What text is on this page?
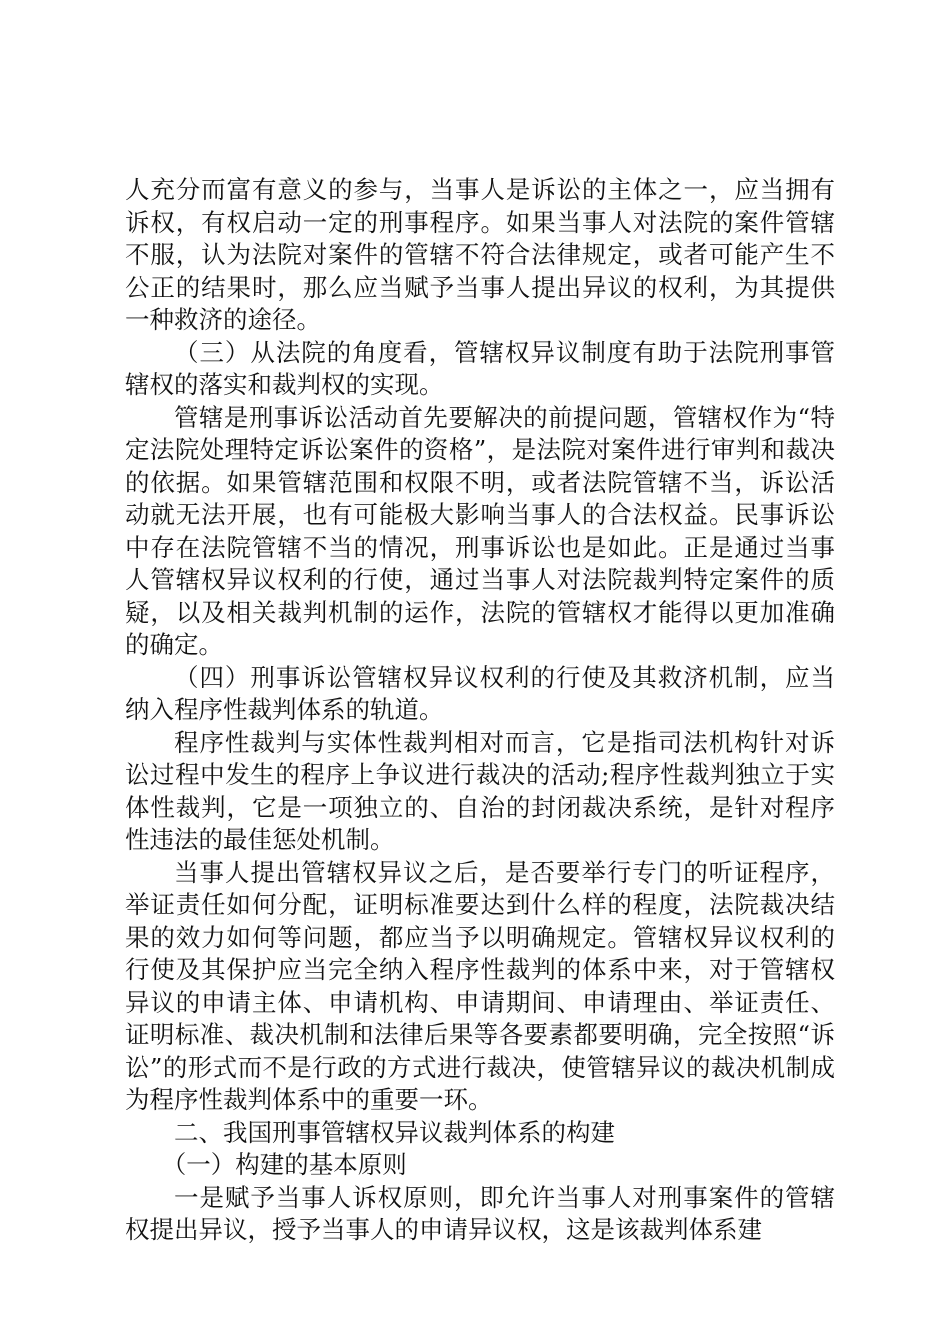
人充分而富有意义的参与，当事人是诉讼的主体之一，应当拥有诉权，有权启动一定的刑事程序。如果当事人对法院的案件管辖不服，认为法院对案件的管辖不符合法律规定，或者可能产生不公正的结果时，那么应当赋予当事人提出异议的权利，为其提供一种救济的途径。

（三）从法院的角度看，管辖权异议制度有助于法院刑事管辖权的落实和裁判权的实现。

管辖是刑事诉讼活动首先要解决的前提问题，管辖权作为“特定法院处理特定诉讼案件的资格”，是法院对案件进行审判和裁决的依据。如果管辖范围和权限不明，或者法院管辖不当，诉讼活动就无法开展，也有可能极大影响当事人的合法权益。民事诉讼中存在法院管辖不当的情况，刑事诉讼也是如此。正是通过当事人管辖权异议权利的行使，通过当事人对法院裁判特定案件的质疑，以及相关裁判机制的运作，法院的管辖权才能得以更加准确的确定。

（四）刑事诉讼管辖权异议权利的行使及其救济机制，应当纳入程序性裁判体系的轨道。

程序性裁判与实体性裁判相对而言，它是指司法机构针对诉讼过程中发生的程序上争议进行裁决的活动;程序性裁判独立于实体性裁判，它是一项独立的、自治的封闭裁决系统，是针对程序性违法的最佳惩处机制。

当事人提出管辖权异议之后，是否要举行专门的听证程序，举证责任如何分配，证明标准要达到什么样的程度，法院裁决结果的效力如何等问题，都应当予以明确规定。管辖权异议权利的行使及其保护应当完全纳入程序性裁判的体系中来，对于管辖权异议的申请主体、申请机构、申请期间、申请理由、举证责任、证明标准、裁决机制和法律后果等各要素都要明确，完全按照“诉讼”的形式而不是行政的方式进行裁决，使管辖异议的裁决机制成为程序性裁判体系中的重要一环。

二、我国刑事管辖权异议裁判体系的构建

（一）构建的基本原则

一是赋予当事人诉权原则，即允许当事人对刑事案件的管辖权提出异议，授予当事人的申请异议权，这是该裁判体系建
